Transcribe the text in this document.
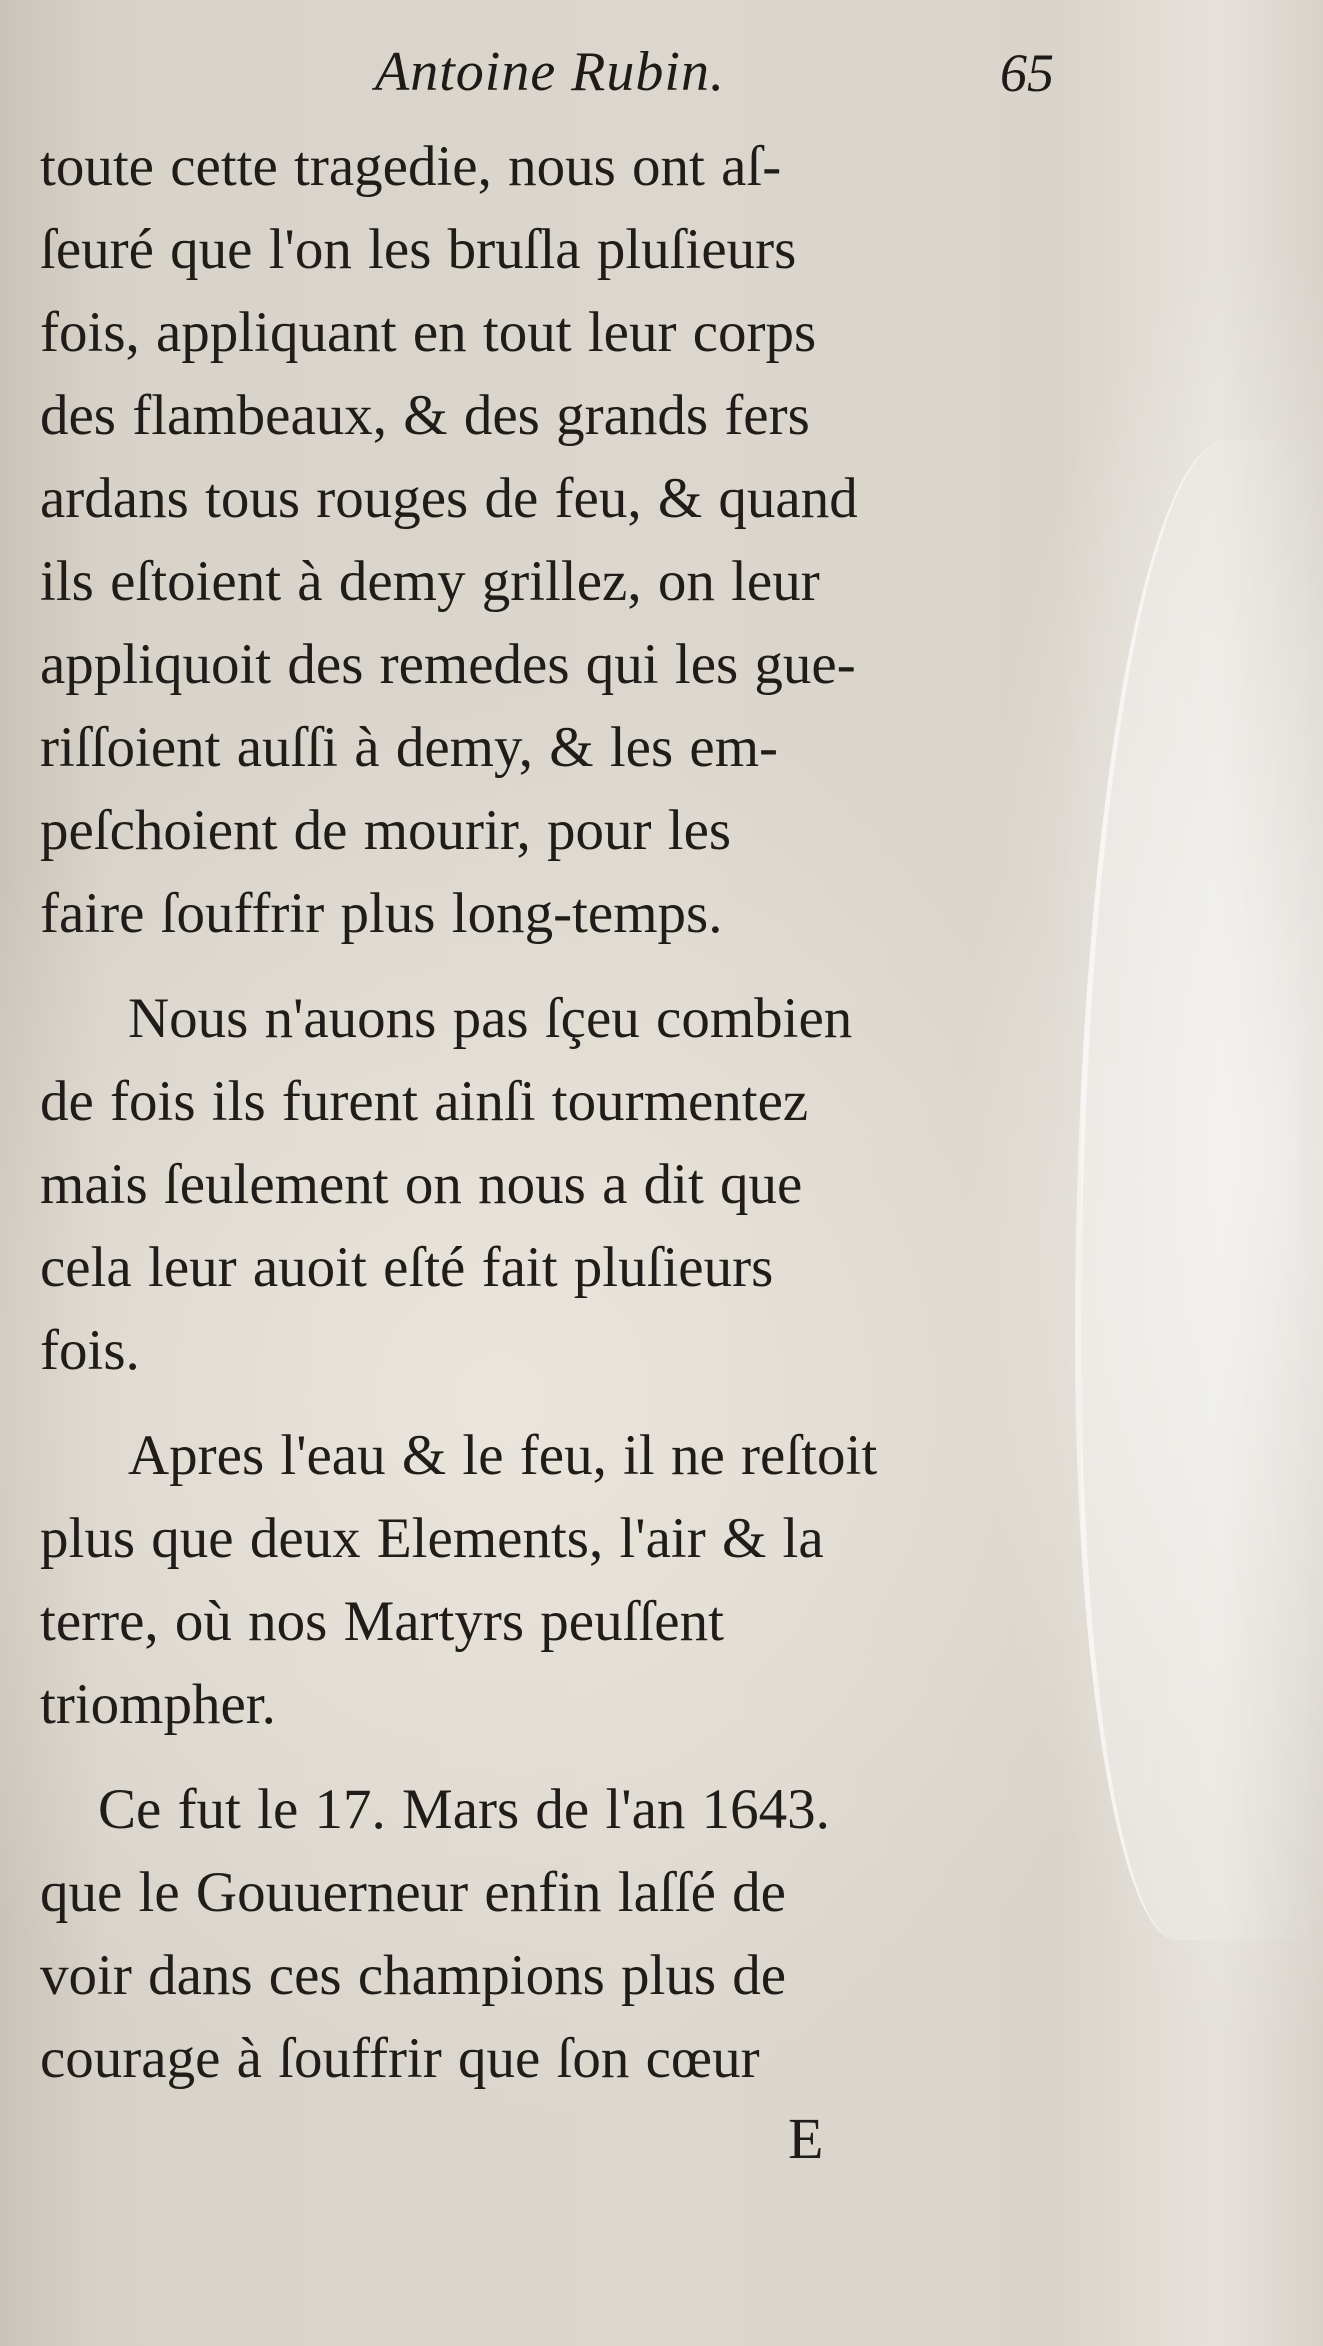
Antoine Rubin.	65
toute cette tragedie, nous ont aſ-
ſeuré que l'on les bruſla pluſieurs
fois, appliquant en tout leur corps
des flambeaux, & des grands fers
ardans tous rouges de feu, & quand
ils eſtoient à demy grillez, on leur
appliquoit des remedes qui les gue-
riſſoient auſſi à demy, & les em-
peſchoient de mourir, pour les
faire ſouffrir plus long-temps.
Nous n'auons pas ſçeu combien
de fois ils furent ainſi tourmentez
mais ſeulement on nous a dit que
cela leur auoit eſté fait pluſieurs
fois.
Apres l'eau & le feu, il ne reſtoit
plus que deux Elements, l'air & la
terre, où nos Martyrs peuſſent
triompher.
Ce fut le 17. Mars de l'an 1643.
que le Gouuerneur enfin laſſé de
voir dans ces champions plus de
courage à ſouffrir que ſon cœur
E
